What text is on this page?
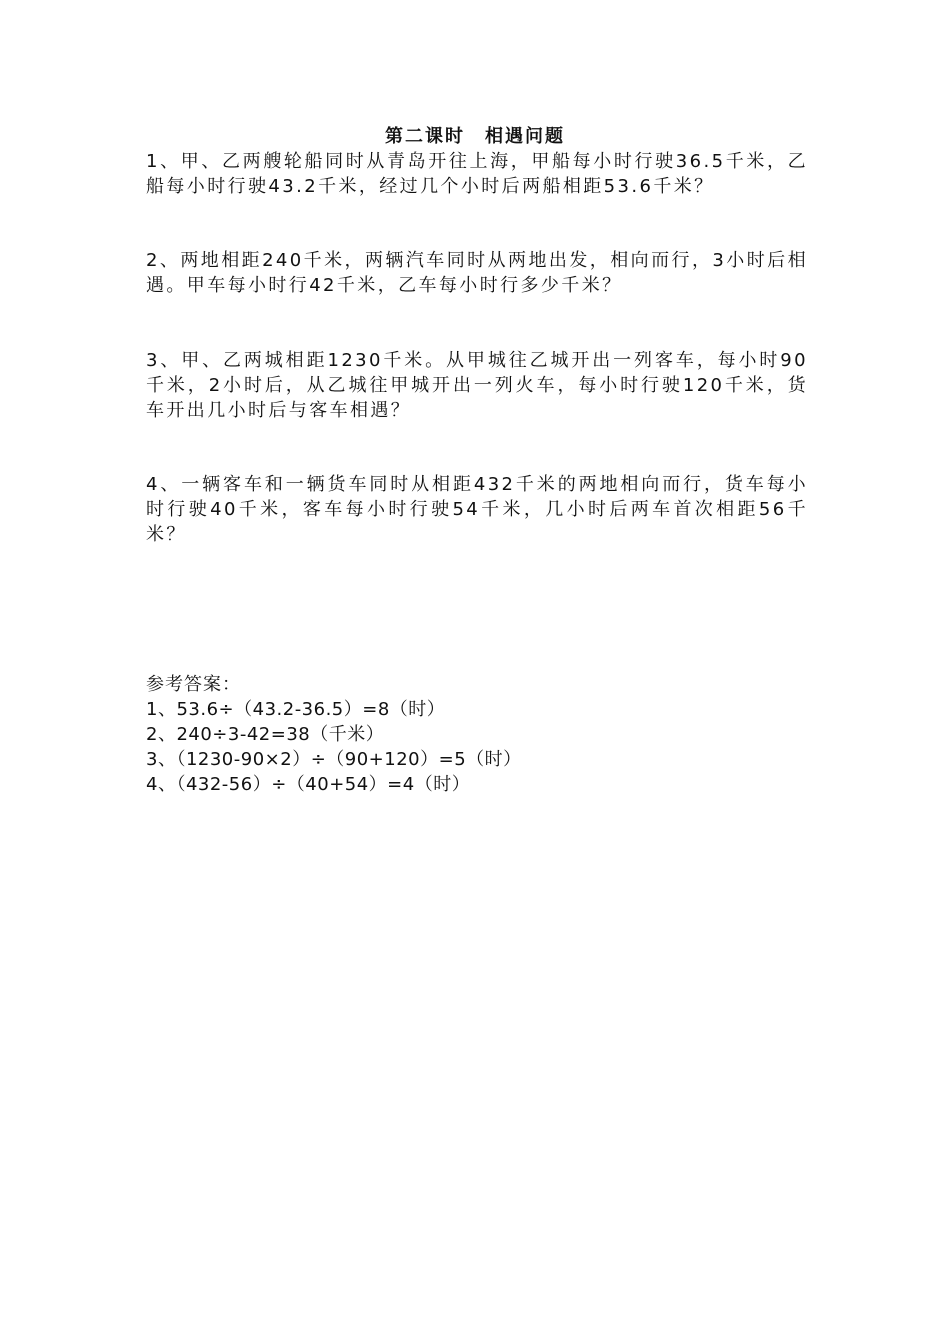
第二课时　相遇问题
1、甲、乙两艘轮船同时从青岛开往上海，甲船每小时行驶36.5千米，乙船每小时行驶43.2千米，经过几个小时后两船相距53.6千米？
2、两地相距240千米，两辆汽车同时从两地出发，相向而行，3小时后相遇。甲车每小时行42千米，乙车每小时行多少千米？
3、甲、乙两城相距1230千米。从甲城往乙城开出一列客车，每小时90千米，2小时后，从乙城往甲城开出一列火车，每小时行驶120千米，货车开出几小时后与客车相遇？
4、一辆客车和一辆货车同时从相距432千米的两地相向而行，货车每小时行驶40千米，客车每小时行驶54千米，几小时后两车首次相距56千米？
参考答案：
1、53.6÷（43.2-36.5）=8（时）
2、240÷3-42=38（千米）
3、（1230-90×2）÷（90+120）=5（时）
4、（432-56）÷（40+54）=4（时）
